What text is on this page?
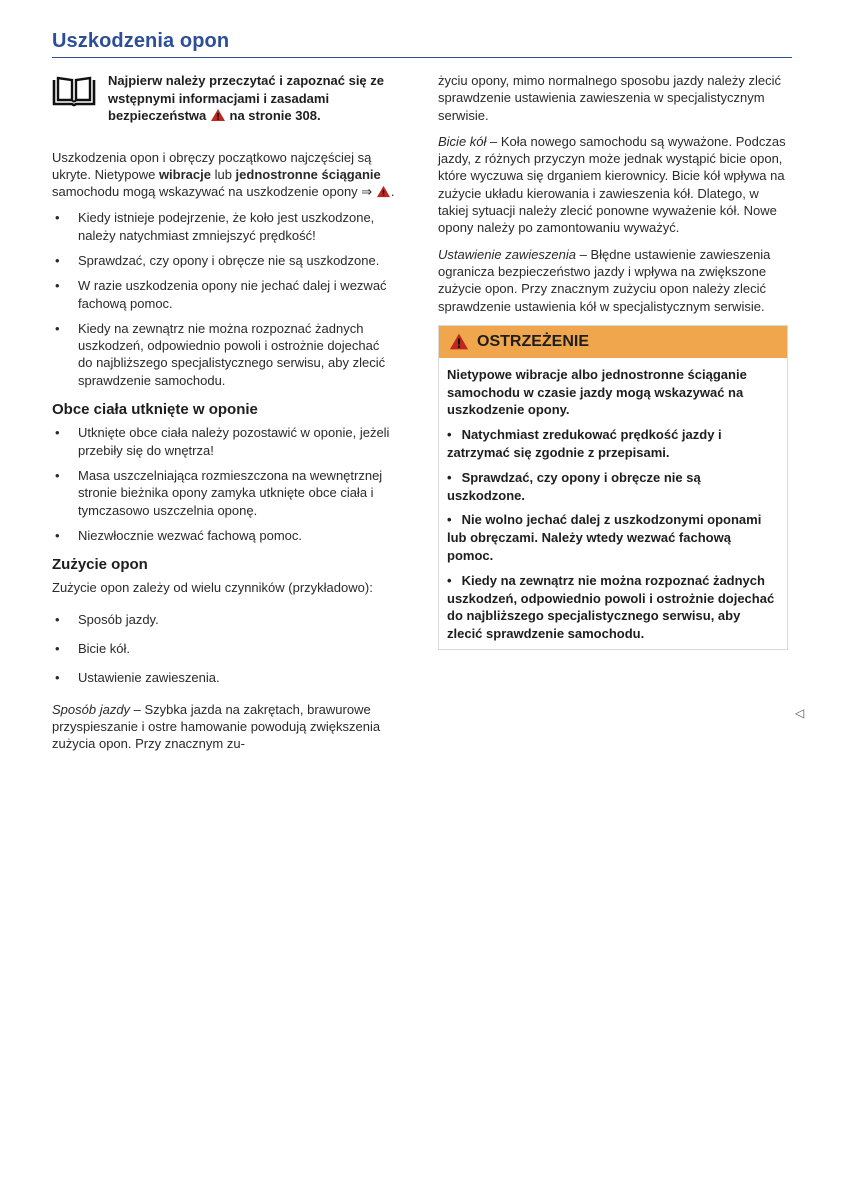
Uszkodzenia opon
Najpierw należy przeczytać i zapoznać się ze wstępnymi informacjami i zasadami bezpieczeństwa na stronie 308.

Uszkodzenia opon i obręczy początkowo najczęściej są ukryte. Nietypowe wibracje lub jednostronne ściąganie samochodu mogą wskazywać na uszkodzenie opony ⇒ .

• Kiedy istnieje podejrzenie, że koło jest uszkodzone, należy natychmiast zmniejszyć prędkość!
• Sprawdzać, czy opony i obręcze nie są uszkodzone.
• W razie uszkodzenia opony nie jechać dalej i wezwać fachową pomoc.
• Kiedy na zewnątrz nie można rozpoznać żadnych uszkodzeń, odpowiednio powoli i ostrożnie dojechać do najbliższego specjalistycznego serwisu, aby zlecić sprawdzenie samochodu.
Obce ciała utknięte w oponie
• Utknięte obce ciała należy pozostawić w oponie, jeżeli przebiły się do wnętrza!
• Masa uszczelniająca rozmieszczona na wewnętrznej stronie bieżnika opony zamyka utknięte obce ciała i tymczasowo uszczelnia oponę.
• Niezwłocznie wezwać fachową pomoc.
Zużycie opon

Zużycie opon zależy od wielu czynników (przykładowo):

• Sposób jazdy.
• Bicie kół.
• Ustawienie zawieszenia.

Sposób jazdy – Szybka jazda na zakrętach, brawurowe przyspieszanie i ostre hamowanie powodują zwiększenia zużycia opon. Przy znacznym zu-

życiu opony, mimo normalnego sposobu jazdy należy zlecić sprawdzenie ustawienia zawieszenia w specjalistycznym serwisie.

Bicie kół – Koła nowego samochodu są wyważone. Podczas jazdy, z różnych przyczyn może jednak wystąpić bicie opon, które wyczuwa się drganiem kierownicy. Bicie kół wpływa na zużycie układu kierowania i zawieszenia kół. Dlatego, w takiej sytuacji należy zlecić ponowne wyważenie kół. Nowe opony należy po zamontowaniu wyważyć.

Ustawienie zawieszenia – Błędne ustawienie zawieszenia ogranicza bezpieczeństwo jazdy i wpływa na zwiększone zużycie opon. Przy znacznym zużyciu opon należy zlecić sprawdzenie ustawienia kół w specjalistycznym serwisie.

OSTRZEŻENIE

Nietypowe wibracje albo jednostronne ściąganie samochodu w czasie jazdy mogą wskazywać na uszkodzenie opony.

• Natychmiast zredukować prędkość jazdy i zatrzymać się zgodnie z przepisami.
• Sprawdzać, czy opony i obręcze nie są uszkodzone.
• Nie wolno jechać dalej z uszkodzonymi oponami lub obręczami. Należy wtedy wezwać fachową pomoc.
• Kiedy na zewnątrz nie można rozpoznać żadnych uszkodzeń, odpowiednio powoli i ostrożnie dojechać do najbliższego specjalistycznego serwisu, aby zlecić sprawdzenie samochodu.
◁
